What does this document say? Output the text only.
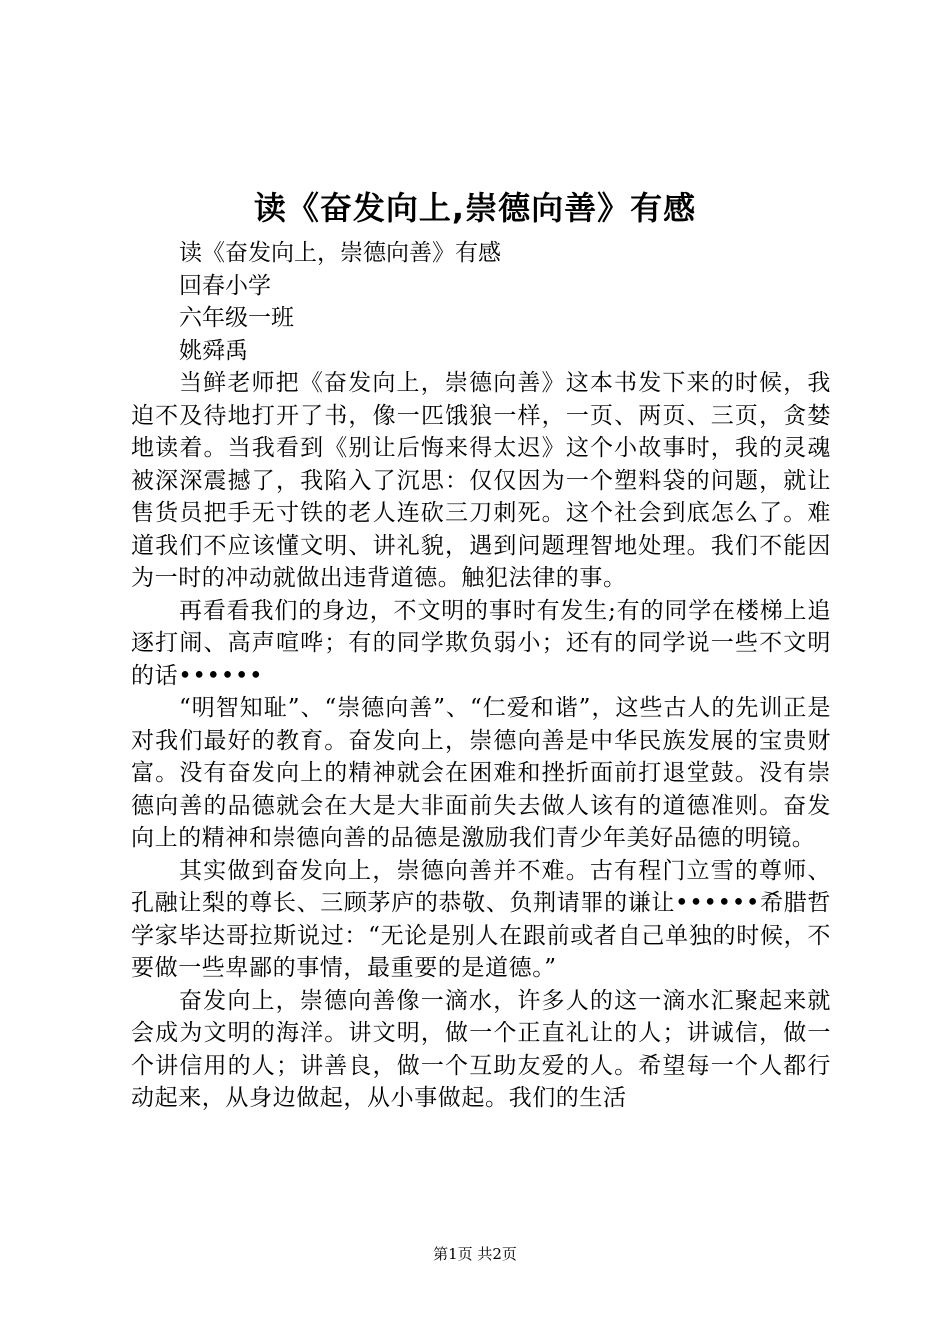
读《奋发向上,崇德向善》有感

读《奋发向上，崇德向善》有感

回春小学

六年级一班

姚舜禹

当鲜老师把《奋发向上，崇德向善》这本书发下来的时候，我迫不及待地打开了书，像一匹饿狼一样，一页、两页、三页，贪婪地读着。当我看到《别让后悔来得太迟》这个小故事时，我的灵魂被深深震撼了，我陷入了沉思：仅仅因为一个塑料袋的问题，就让售货员把手无寸铁的老人连砍三刀刺死。这个社会到底怎么了。难道我们不应该懂文明、讲礼貌，遇到问题理智地处理。我们不能因为一时的冲动就做出违背道德。触犯法律的事。

再看看我们的身边，不文明的事时有发生;有的同学在楼梯上追逐打闹、高声喧哗；有的同学欺负弱小；还有的同学说一些不文明的话••••••

“明智知耻”、“崇德向善”、“仁爱和谐”，这些古人的先训正是对我们最好的教育。奋发向上，崇德向善是中华民族发展的宝贵财富。没有奋发向上的精神就会在困难和挫折面前打退堂鼓。没有崇德向善的品德就会在大是大非面前失去做人该有的道德准则。奋发向上的精神和崇德向善的品德是激励我们青少年美好品德的明镜。

其实做到奋发向上，崇德向善并不难。古有程门立雪的尊师、孔融让梨的尊长、三顾茅庐的恭敬、负荆请罪的谦让••••••希腊哲学家毕达哥拉斯说过：“无论是别人在跟前或者自己单独的时候，不要做一些卑鄙的事情，最重要的是道德。”

奋发向上，崇德向善像一滴水，许多人的这一滴水汇聚起来就会成为文明的海洋。讲文明，做一个正直礼让的人；讲诚信，做一个讲信用的人；讲善良，做一个互助友爱的人。希望每一个人都行动起来，从身边做起，从小事做起。我们的生活

第1页 共2页
